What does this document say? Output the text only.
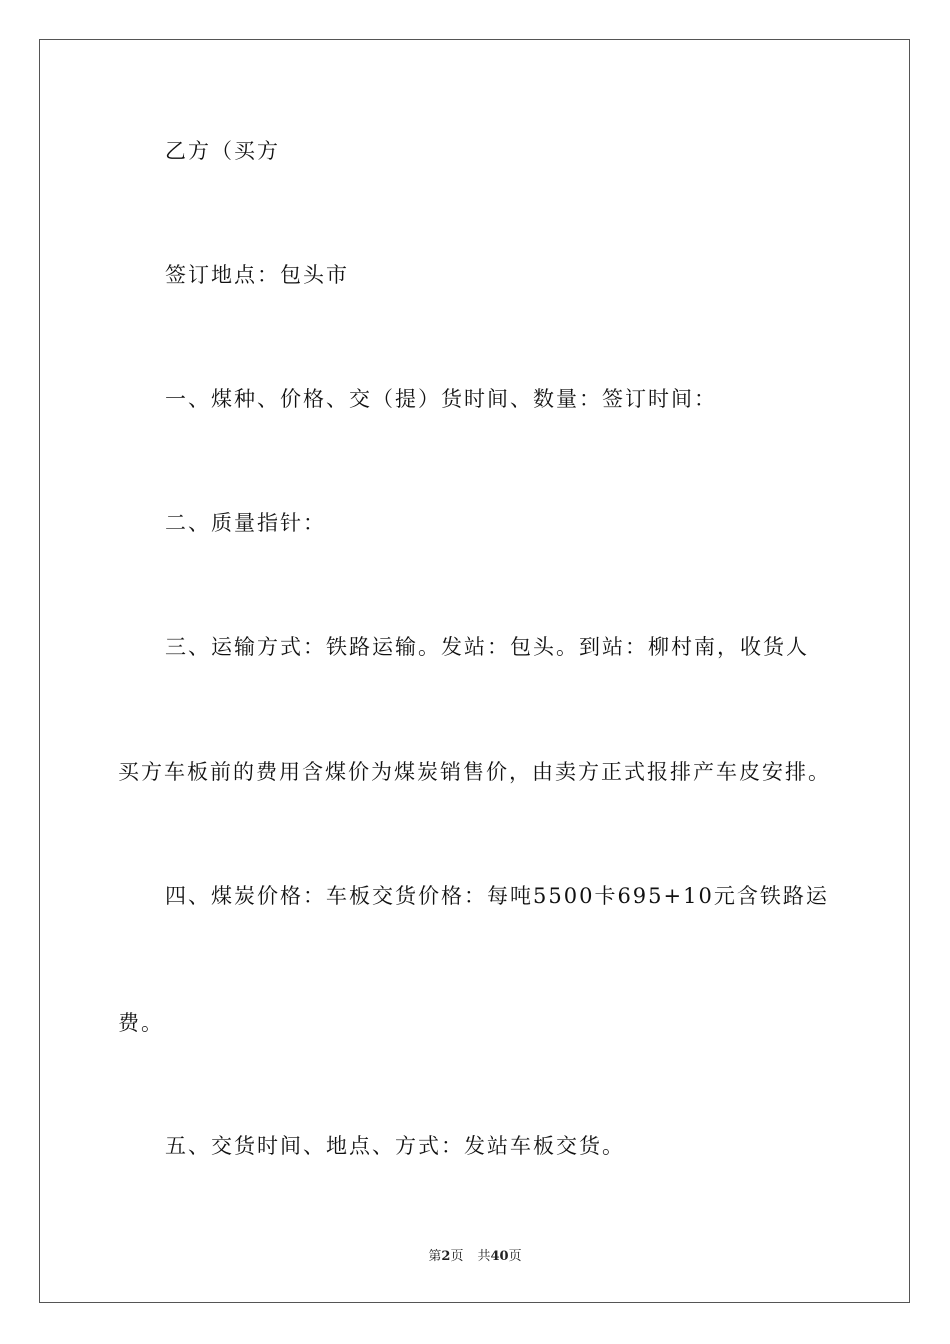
乙方（买方
签订地点：包头市
一、煤种、价格、交（提）货时间、数量：签订时间：
二、质量指针：
三、运输方式：铁路运输。发站：包头。到站：柳村南，收货人
买方车板前的费用含煤价为煤炭销售价，由卖方正式报排产车皮安排。
四、煤炭价格：车板交货价格：每吨5500卡695+10元含铁路运
费。
五、交货时间、地点、方式：发站车板交货。
第2页 共40页
